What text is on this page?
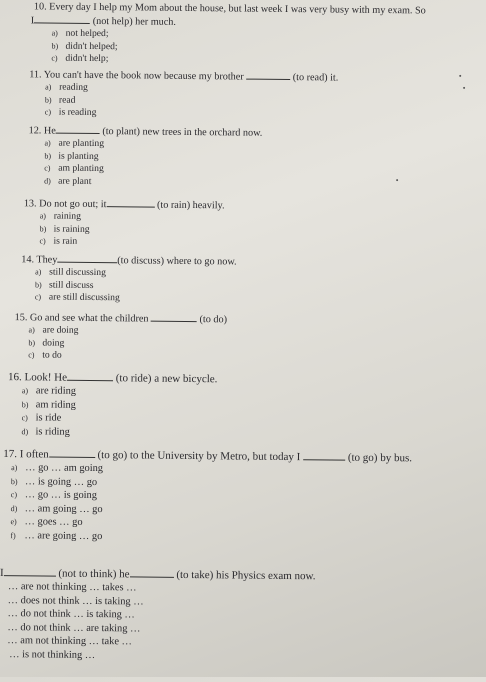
10. Every day I help my Mom about the house, but last week I was very busy with my exam. So
I	(not help) her much.
a) not helped;
b) didn't helped;
c) didn't help;
11. You can't have the book now because my brother	(to read) it.
a) reading
b) read
c) is reading
12. He	(to plant) new trees in the orchard now.
a) are planting
b) is planting
c) am planting
d) are plant
13. Do not go out; it	(to rain) heavily.
a) raining
b) is raining
c) is rain
14. They	(to discuss) where to go now.
a) still discussing
b) still discuss
c) are still discussing
15. Go and see what the children	(to do)
a) are doing
b) doing
c) to do
16. Look! He	(to ride) a new bicycle.
a) are riding
b) am riding
c) is ride
d) is riding
17. I often	(to go) to the University by Metro, but today I	(to go) by bus.
a) … go … am going
b) … is going … go
c) … go … is going
d) … am going … go
e) … goes … go
f) … are going … go
I	(not to think) he	(to take) his Physics exam now.
… are not thinking … takes …
… does not think … is taking …
… do not think … is taking …
… do not think … are taking …
… am not thinking … take …
… is not thinking …
